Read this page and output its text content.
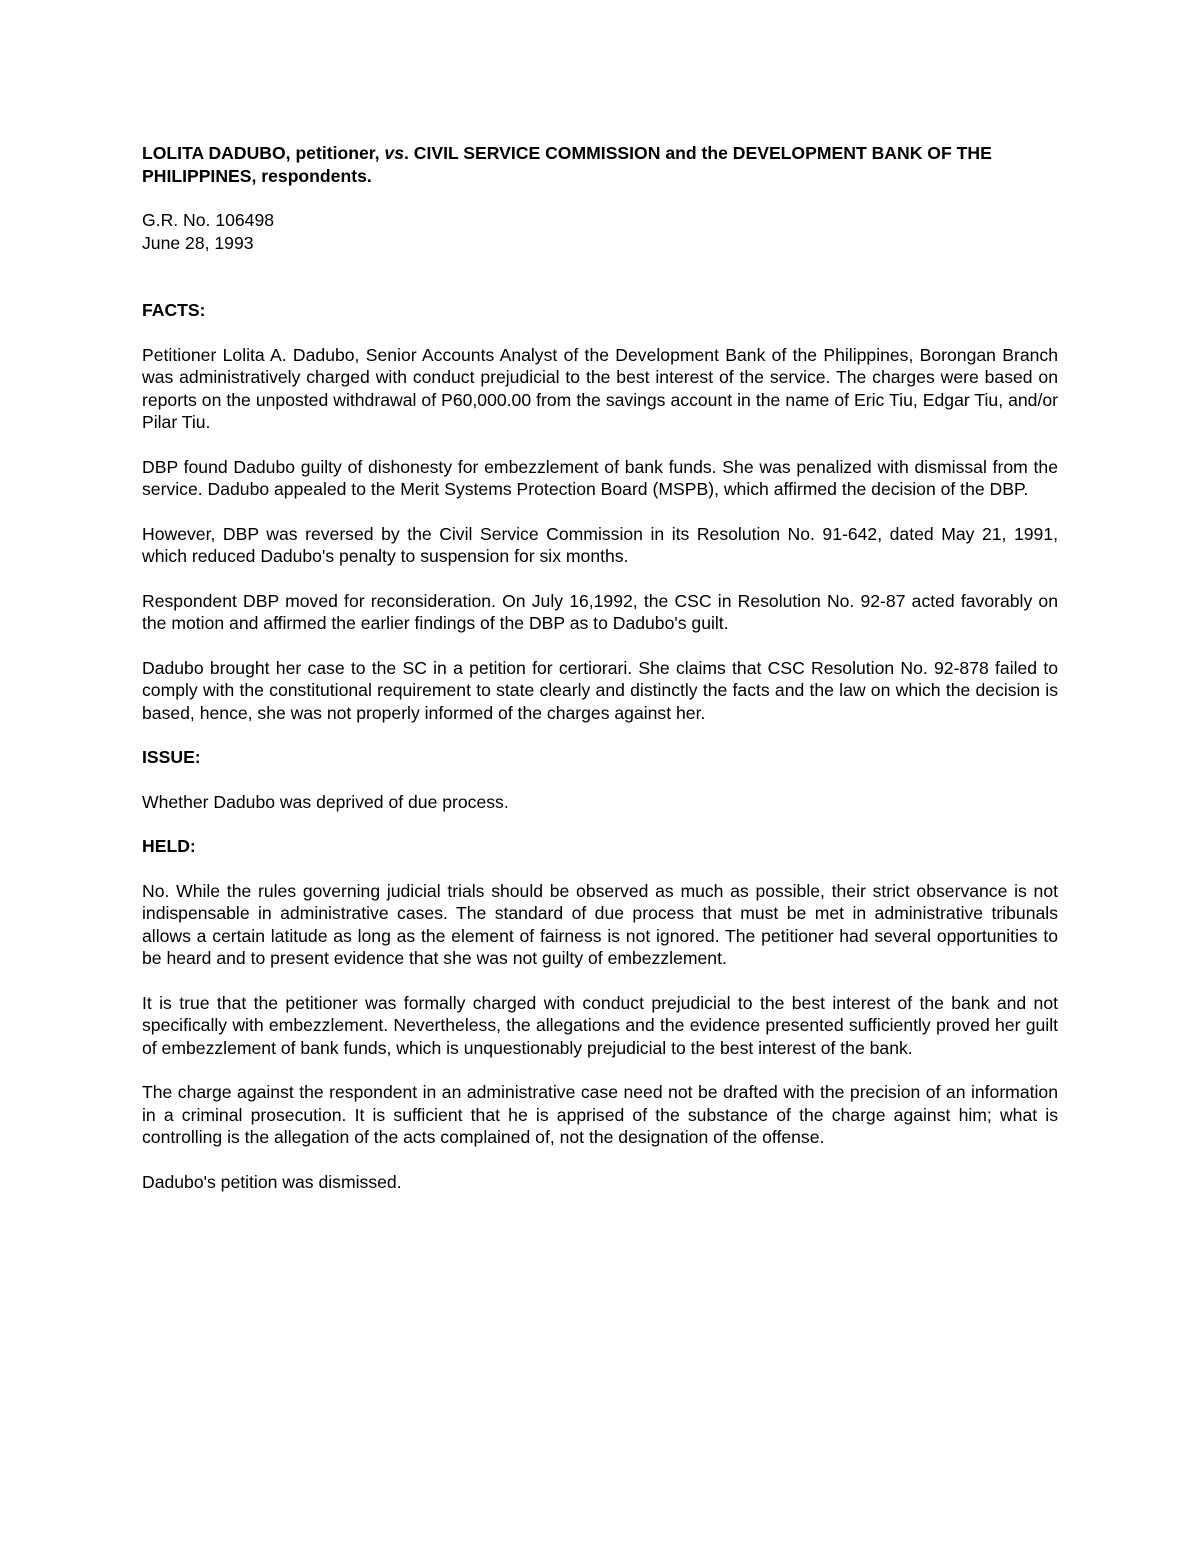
LOLITA DADUBO, petitioner, vs. CIVIL SERVICE COMMISSION and the DEVELOPMENT BANK OF THE PHILIPPINES, respondents.

G.R. No. 106498
June 28, 1993

FACTS:

Petitioner Lolita A. Dadubo, Senior Accounts Analyst of the Development Bank of the Philippines, Borongan Branch was administratively charged with conduct prejudicial to the best interest of the service. The charges were based on reports on the unposted withdrawal of P60,000.00 from the savings account in the name of Eric Tiu, Edgar Tiu, and/or Pilar Tiu.

DBP found Dadubo guilty of dishonesty for embezzlement of bank funds. She was penalized with dismissal from the service. Dadubo appealed to the Merit Systems Protection Board (MSPB), which affirmed the decision of the DBP.

However, DBP was reversed by the Civil Service Commission in its Resolution No. 91-642, dated May 21, 1991, which reduced Dadubo's penalty to suspension for six months.

Respondent DBP moved for reconsideration. On July 16,1992, the CSC in Resolution No. 92-87 acted favorably on the motion and affirmed the earlier findings of the DBP as to Dadubo's guilt.

Dadubo brought her case to the SC in a petition for certiorari. She claims that CSC Resolution No. 92-878 failed to comply with the constitutional requirement to state clearly and distinctly the facts and the law on which the decision is based, hence, she was not properly informed of the charges against her.

ISSUE:

Whether Dadubo was deprived of due process.

HELD:

No. While the rules governing judicial trials should be observed as much as possible, their strict observance is not indispensable in administrative cases. The standard of due process that must be met in administrative tribunals allows a certain latitude as long as the element of fairness is not ignored. The petitioner had several opportunities to be heard and to present evidence that she was not guilty of embezzlement.

It is true that the petitioner was formally charged with conduct prejudicial to the best interest of the bank and not specifically with embezzlement. Nevertheless, the allegations and the evidence presented sufficiently proved her guilt of embezzlement of bank funds, which is unquestionably prejudicial to the best interest of the bank.

The charge against the respondent in an administrative case need not be drafted with the precision of an information in a criminal prosecution. It is sufficient that he is apprised of the substance of the charge against him; what is controlling is the allegation of the acts complained of, not the designation of the offense.

Dadubo's petition was dismissed.
